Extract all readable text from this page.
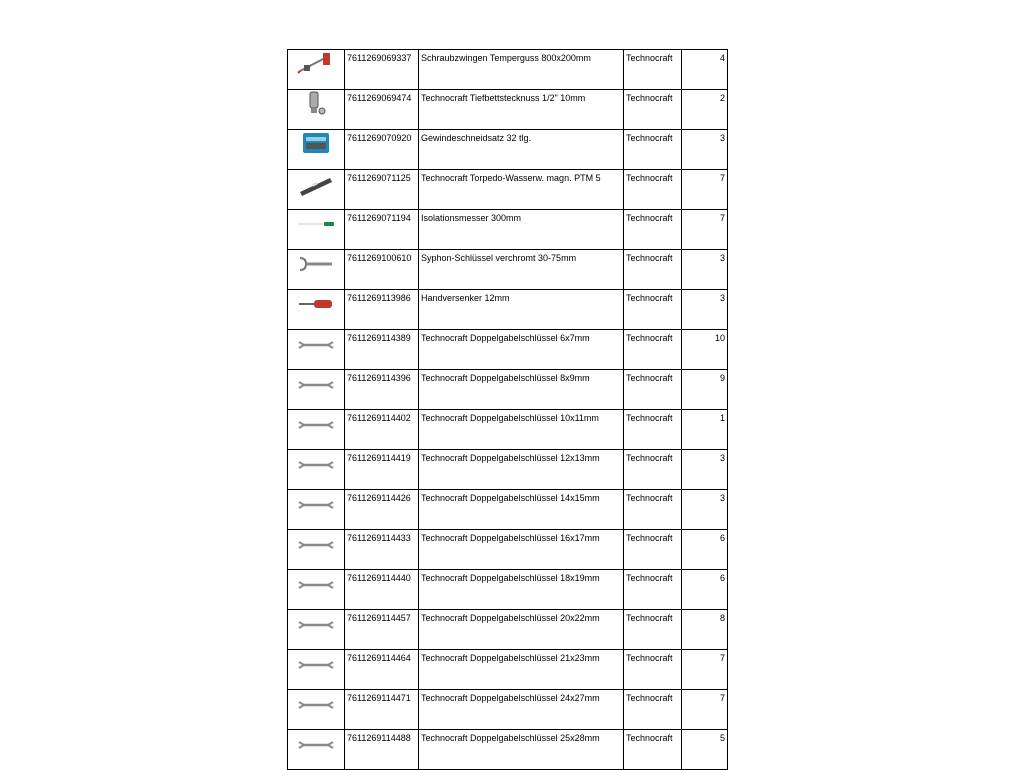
	7611269069337	Schraubzwingen Temperguss 800x200mm	Technocraft	4

	7611269069474	Technocraft Tiefbettstecknuss 1/2" 10mm	Technocraft	2

	7611269070920	Gewindeschneidsatz 32 tlg.	Technocraft	3

	7611269071125	Technocraft Torpedo-Wasserw. magn. PTM 5	Technocraft	7

	7611269071194	Isolationsmesser 300mm	Technocraft	7

	7611269100610	Syphon-Schlüssel verchromt 30-75mm	Technocraft	3

	7611269113986	Handversenker 12mm	Technocraft	3

	7611269114389	Technocraft Doppelgabelschlüssel 6x7mm	Technocraft	10

	7611269114396	Technocraft Doppelgabelschlüssel 8x9mm	Technocraft	9

	7611269114402	Technocraft Doppelgabelschlüssel 10x11mm	Technocraft	1

	7611269114419	Technocraft Doppelgabelschlüssel 12x13mm	Technocraft	3

	7611269114426	Technocraft Doppelgabelschlüssel 14x15mm	Technocraft	3

	7611269114433	Technocraft Doppelgabelschlüssel 16x17mm	Technocraft	6

	7611269114440	Technocraft Doppelgabelschlüssel 18x19mm	Technocraft	6

	7611269114457	Technocraft Doppelgabelschlüssel 20x22mm	Technocraft	8

	7611269114464	Technocraft Doppelgabelschlüssel 21x23mm	Technocraft	7

	7611269114471	Technocraft Doppelgabelschlüssel 24x27mm	Technocraft	7

	7611269114488	Technocraft Doppelgabelschlüssel 25x28mm	Technocraft	5
